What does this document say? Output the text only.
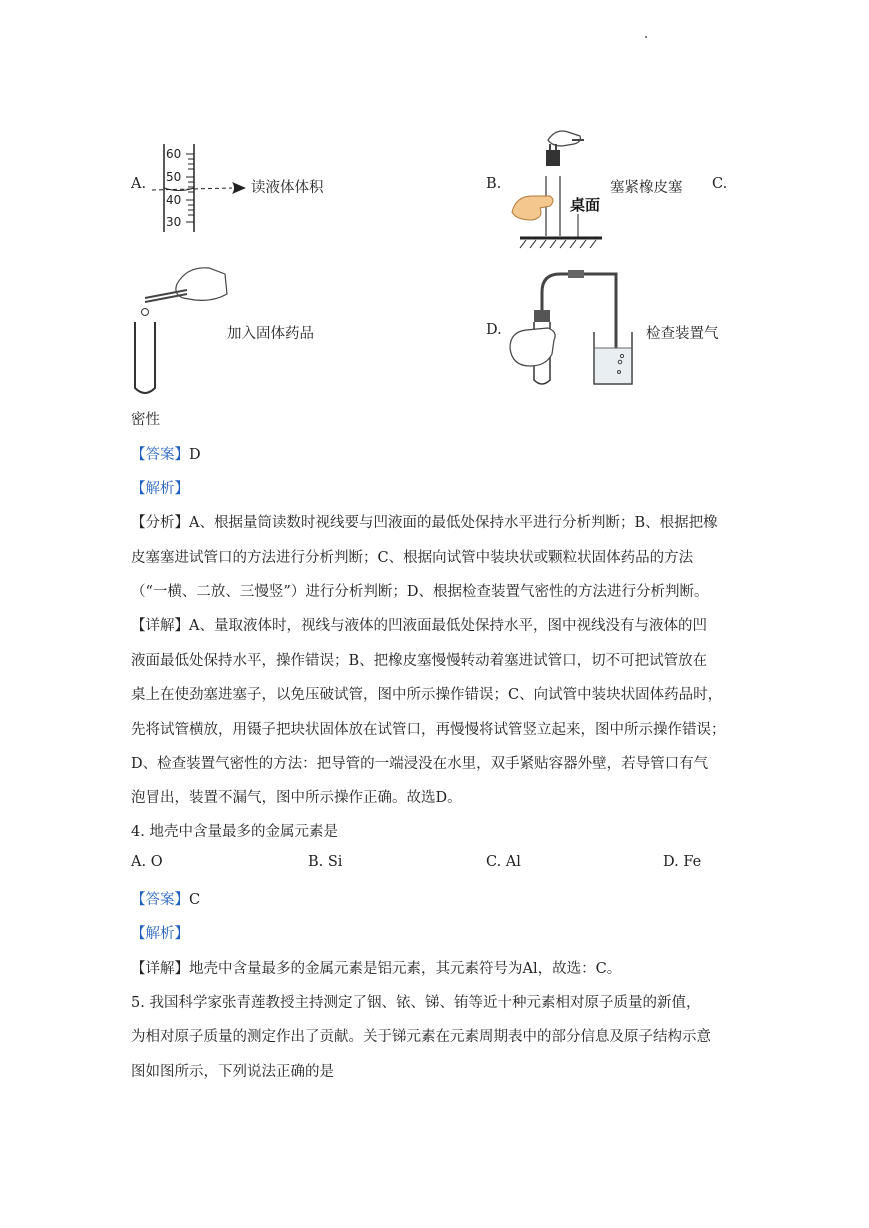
A.
60
50
40
30
读液体体积	B.
桌面
塞紧橡皮塞 C.
加入固体药品	D.	检查装置气
密性
【答案】D
【解析】
【分析】A、根据量筒读数时视线要与凹液面的最低处保持水平进行分析判断；B、根据把橡
皮塞塞进试管口的方法进行分析判断；C、根据向试管中装块状或颗粒状固体药品的方法
（“一横、二放、三慢竖”）进行分析判断；D、根据检查装置气密性的方法进行分析判断。
【详解】A、量取液体时，视线与液体的凹液面最低处保持水平，图中视线没有与液体的凹
液面最低处保持水平，操作错误；B、把橡皮塞慢慢转动着塞进试管口，切不可把试管放在
桌上在使劲塞进塞子，以免压破试管，图中所示操作错误；C、向试管中装块状固体药品时，
先将试管横放，用镊子把块状固体放在试管口，再慢慢将试管竖立起来，图中所示操作错误；
D、检查装置气密性的方法：把导管的一端浸没在水里，双手紧贴容器外壁，若导管口有气
泡冒出，装置不漏气，图中所示操作正确。故选D。
4. 地壳中含量最多的金属元素是
A. O	B. Si	C. Al	D. Fe
【答案】C
【解析】
【详解】地壳中含量最多的金属元素是铝元素，其元素符号为Al，故选：C。
5. 我国科学家张青莲教授主持测定了铟、铱、锑、铕等近十种元素相对原子质量的新值，
为相对原子质量的测定作出了贡献。关于锑元素在元素周期表中的部分信息及原子结构示意
图如图所示，下列说法正确的是
